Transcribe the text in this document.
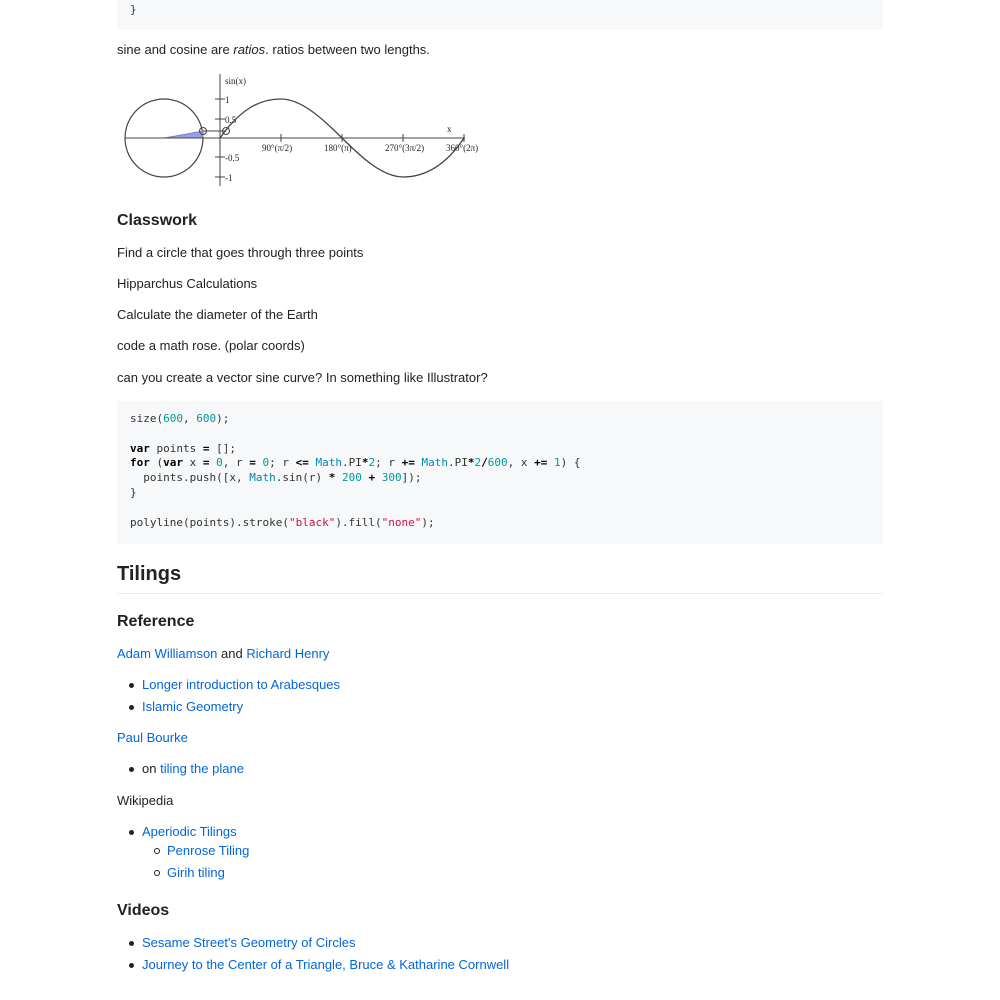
}

sine and cosine are ratios. ratios between two lengths.

sin(x)
x
1
0.5
-0.5
-1
90°(π/2)	180°(π)	270°(3π/2) 360°(2π)
Classwork

Find a circle that goes through three points

Hipparchus Calculations

Calculate the diameter of the Earth

code a math rose. (polar coords)

can you create a vector sine curve? In something like Illustrator?

size(600, 600);

var points = [];
for (var x = 0, r = 0; r <= Math.PI*2; r += Math.PI*2/600, x += 1) {
points.push([x, Math.sin(r) * 200 + 300]);
}

polyline(points).stroke("black").fill("none");
Tilings
Reference

Adam Williamson and Richard Henry

Longer introduction to Arabesques
Islamic Geometry

Paul Bourke

on tiling the plane

Wikipedia

Aperiodic Tilings
Penrose Tiling
Girih tiling
Videos
Sesame Street's Geometry of Circles
Journey to the Center of a Triangle, Bruce & Katharine Cornwell
